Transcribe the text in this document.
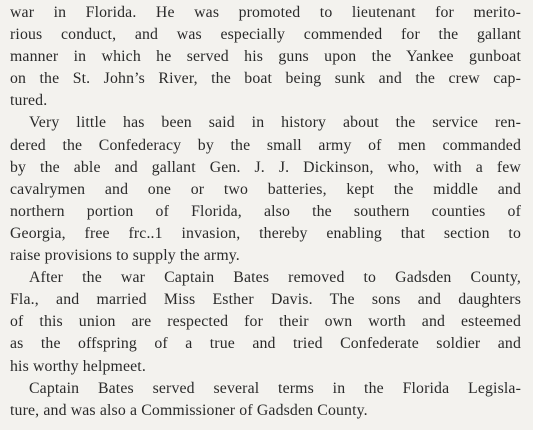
war in Florida. He was promoted to lieutenant for merito-
rious conduct, and was especially commended for the gallant
manner in which he served his guns upon the Yankee gunboat
on the St. John’s River, the boat being sunk and the crew cap-
tured.
Very little has been said in history about the service ren-
dered the Confederacy by the small army of men commanded
by the able and gallant Gen. J. J. Dickinson, who, with a few
cavalrymen and one or two batteries, kept the middle and
northern portion of Florida, also the southern counties of
Georgia, free frc..1 invasion, thereby enabling that section to
raise provisions to supply the army.
After the war Captain Bates removed to Gadsden County,
Fla., and married Miss Esther Davis. The sons and daughters
of this union are respected for their own worth and esteemed
as the offspring of a true and tried Confederate soldier and
his worthy helpmeet.
Captain Bates served several terms in the Florida Legisla-
ture, and was also a Commissioner of Gadsden County.
